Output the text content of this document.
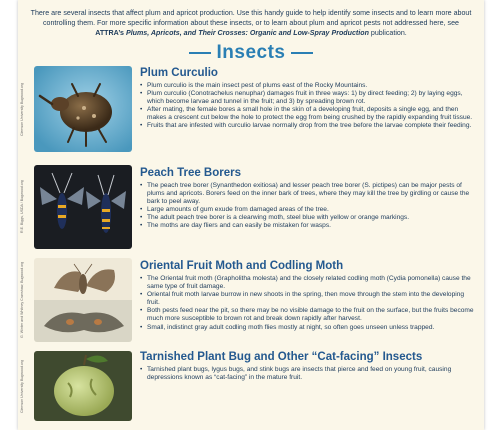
There are several insects that affect plum and apricot production. Use this handy guide to help identify some insects and to learn more about controlling them. For more specific information about these insects, or to learn about plum and apricot pests not addressed here, see ATTRA’s Plums, Apricots, and Their Crosses: Organic and Low-Spray Production publication.
Insects
Clemson University Bugwood.org
Plum Curculio
• Plum curculio is the main insect pest of plums east of the Rocky Mountains.
• Plum curculio (Conotrachelus nenuphar) damages fruit in three ways: 1) by direct feeding; 2) by laying eggs, which become larvae and tunnel in the fruit; and 3) by spreading brown rot.
• After mating, the female bores a small hole in the skin of a developing fruit, deposits a single egg, and then makes a crescent cut below the hole to protect the egg from being crushed by the rapidly expanding fruit tissue.
• Fruits that are infested with curculio larvae normally drop from the tree before the larvae complete their feeding.
R.E. Biggs, USDA / Bugwood.org
Peach Tree Borers
• The peach tree borer (Synanthedon exitiosa) and lesser peach tree borer (S. pictipes) can be major pests of plums and apricots. Borers feed on the inner bark of trees, where they may kill the tree by girdling or cause the bark to peel away.
• Large amounts of gum exude from damaged areas of the tree.
• The adult peach tree borer is a clearwing moth, steel blue with yellow or orange markings.
• The moths are day fliers and can easily be mistaken for wasps.
G. Winter and Whitney Cranshaw, Bugwood.org	Oriental Fruit Moth and Codling Moth
• The Oriental fruit moth (Grapholitha molesta) and the closely related codling moth (Cydia pomonella) cause the same type of fruit damage.
• Oriental fruit moth larvae burrow in new shoots in the spring, then move through the stem into the developing fruit.
• Both pests feed near the pit, so there may be no visible damage to the fruit on the surface, but the fruits become much more susceptible to brown rot and break down rapidly after harvest.
• Small, indistinct gray adult codling moth flies mostly at night, so often goes unseen unless trapped.
Clemson University Bugwood.org
Tarnished Plant Bug and Other “Cat-facing” Insects
• Tarnished plant bugs, lygus bugs, and stink bugs are insects that pierce and feed on young fruit, causing depressions known as “cat-facing” in the mature fruit.
